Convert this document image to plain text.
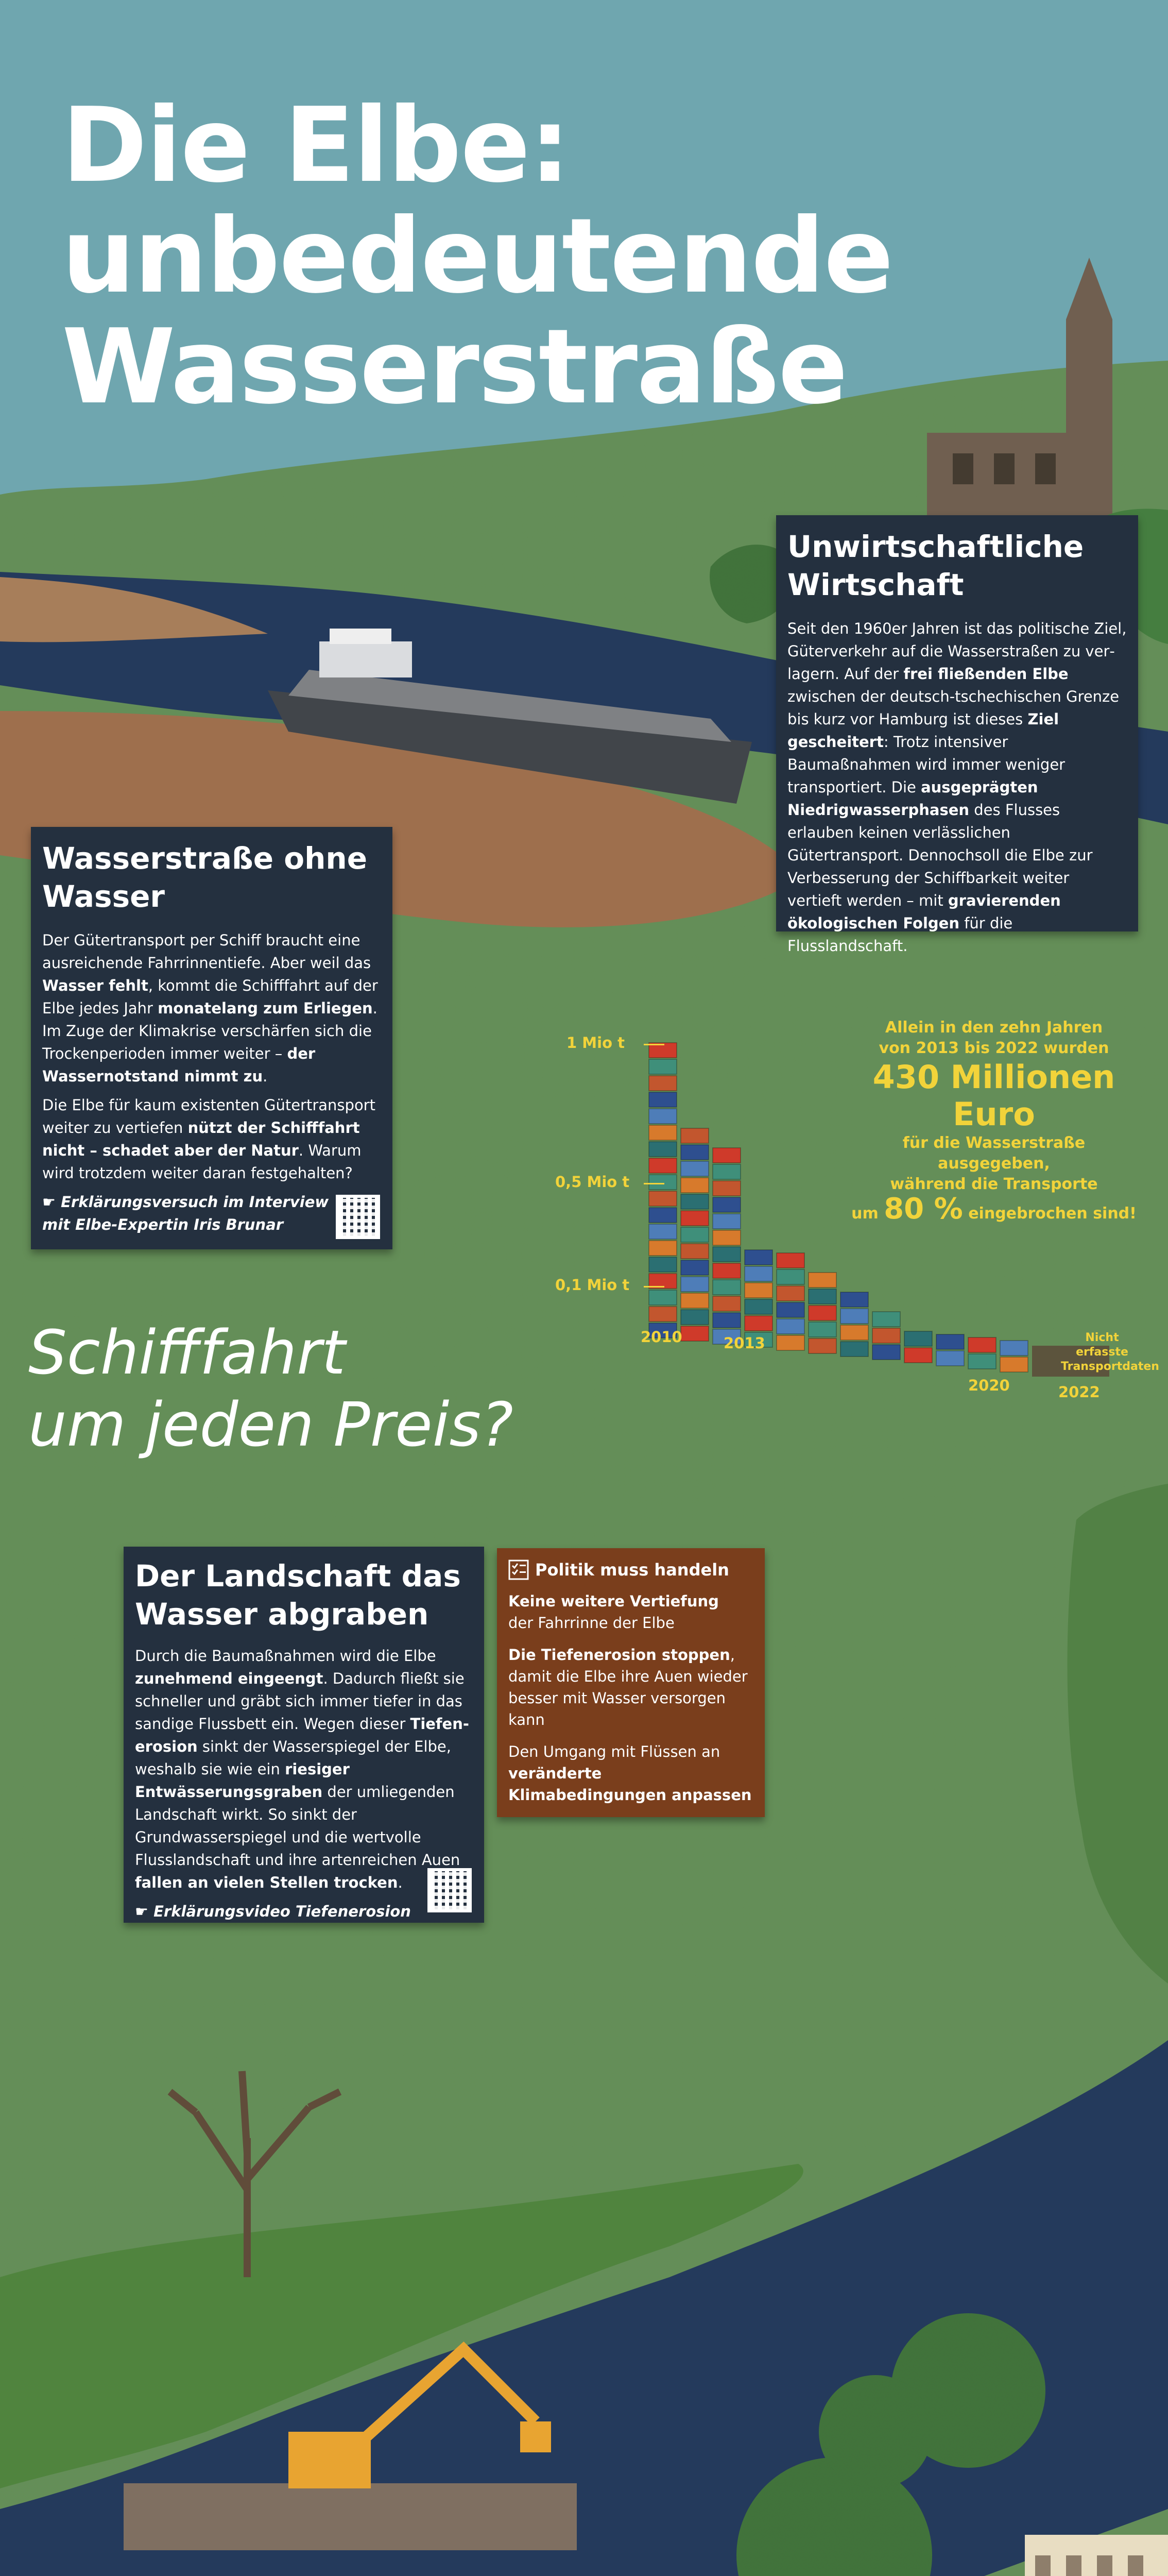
Die Elbe:
unbedeutende
Wasserstraße
Unwirtschaftliche
Wirtschaft

Seit den 1960er Jahren ist das politische Ziel, Güterverkehr auf die Wasserstraßen zu verlagern. Auf der frei fließenden Elbe zwischen der deutsch-tschechischen Grenze bis kurz vor Hamburg ist dieses Ziel gescheitert: Trotz intensiver Baumaßnahmen wird immer weniger transportiert. Die ausgeprägten Niedrigwasserphasen des Flusses erlauben keinen verlässlichen Gütertransport. Dennochsoll die Elbe zur Verbesserung der Schiffbarkeit weiter vertieft werden – mit gravierenden ökologischen Folgen für die Flusslandschaft.

Wasserstraße ohne
Wasser

Der Gütertransport per Schiff braucht eine ausreichende Fahrrinnentiefe. Aber weil das Wasser fehlt, kommt die Schifffahrt auf der Elbe jedes Jahr monatelang zum Erliegen. Im Zuge der Klimakrise verschärfen sich die Trockenperioden immer weiter – der Wassernotstand nimmt zu.

Die Elbe für kaum existenten Gütertransport weiter zu vertiefen nützt der Schifffahrt nicht – schadet aber der Natur. Warum wird trotzdem weiter daran festgehalten?

☛ Erklärungsversuch im Interview
mit Elbe-Expertin Iris Brunar
1 Mio t
0,5 Mio t
0,1 Mio t
2010	2013
2020	2022
Nicht erfasste
Transportdaten
Allein in den zehn Jahren
von 2013 bis 2022 wurden
430 Millionen Euro
für die Wasserstraße ausgegeben,
während die Transporte
um 80 % eingebrochen sind!
Schifffahrt
um jeden Preis?
Der Landschaft das
Wasser abgraben

Durch die Baumaßnahmen wird die Elbe zunehmend eingeengt. Dadurch fließt sie schneller und gräbt sich immer tiefer in das sandige Flussbett ein. Wegen dieser Tiefenerosion sinkt der Wasserspiegel der Elbe, weshalb sie wie ein riesiger Entwässerungsgraben der umliegenden Landschaft wirkt. So sinkt der Grundwasserspiegel und die wertvolle Flusslandschaft und ihre artenreichen Auen fallen an vielen Stellen trocken.

☛ Erklärungsvideo Tiefenerosion
Politik muss handeln

Keine weitere Vertiefung
der Fahrrinne der Elbe

Die Tiefenerosion stoppen, damit die Elbe ihre Auen wieder besser mit Wasser versorgen kann

Den Umgang mit Flüssen an veränderte Klimabedingungen anpassen
